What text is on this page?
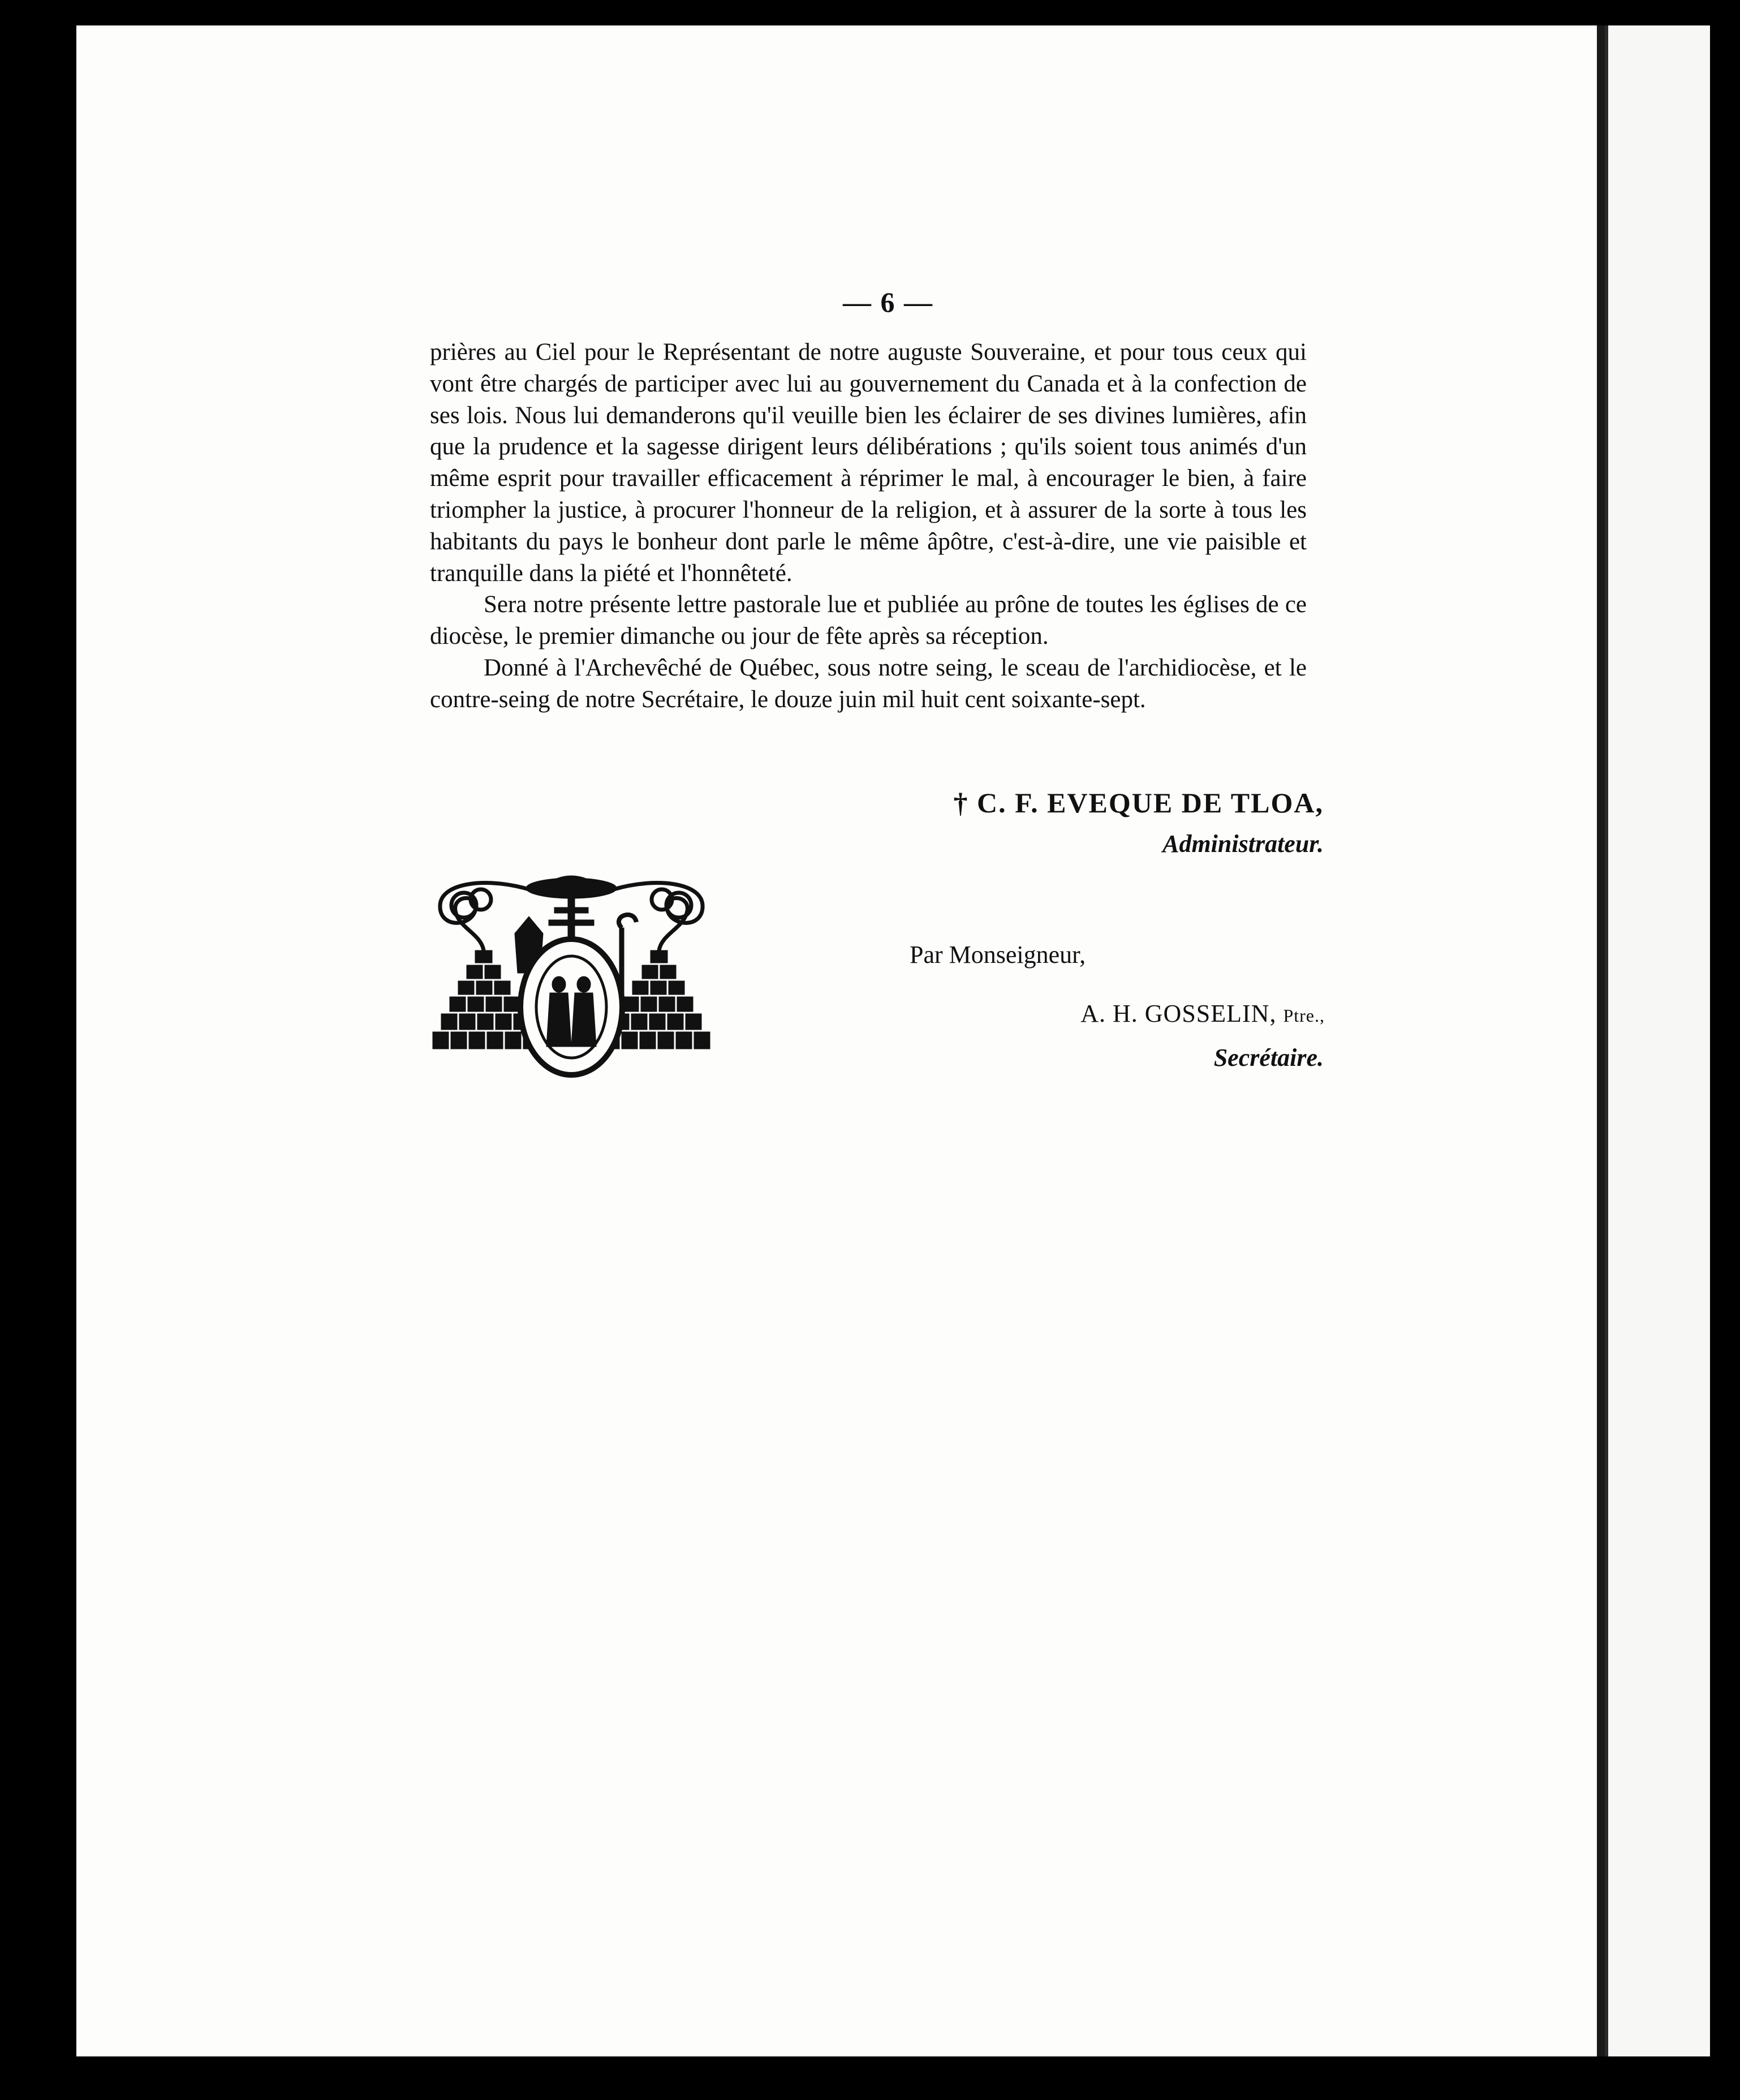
— 6 —

prières au Ciel pour le Représentant de notre auguste Souveraine, et pour tous ceux qui vont être chargés de participer avec lui au gouvernement du Canada et à la confection de ses lois. Nous lui demanderons qu'il veuille bien les éclairer de ses divines lumières, afin que la prudence et la sagesse dirigent leurs délibérations ; qu'ils soient tous animés d'un même esprit pour travailler efficacement à réprimer le mal, à encourager le bien, à faire triompher la justice, à procurer l'honneur de la religion, et à assurer de la sorte à tous les habitants du pays le bonheur dont parle le même âpôtre, c'est-à-dire, une vie paisible et tranquille dans la piété et l'honnêteté.

Sera notre présente lettre pastorale lue et publiée au prône de toutes les églises de ce diocèse, le premier dimanche ou jour de fête après sa réception.

Donné à l'Archevêché de Québec, sous notre seing, le sceau de l'archidiocèse, et le contre-seing de notre Secrétaire, le douze juin mil huit cent soixante-sept.

† C. F. EVEQUE DE TLOA,
Administrateur.
Par Monseigneur,
A. H. GOSSELIN, Ptre.,
Secrétaire.
